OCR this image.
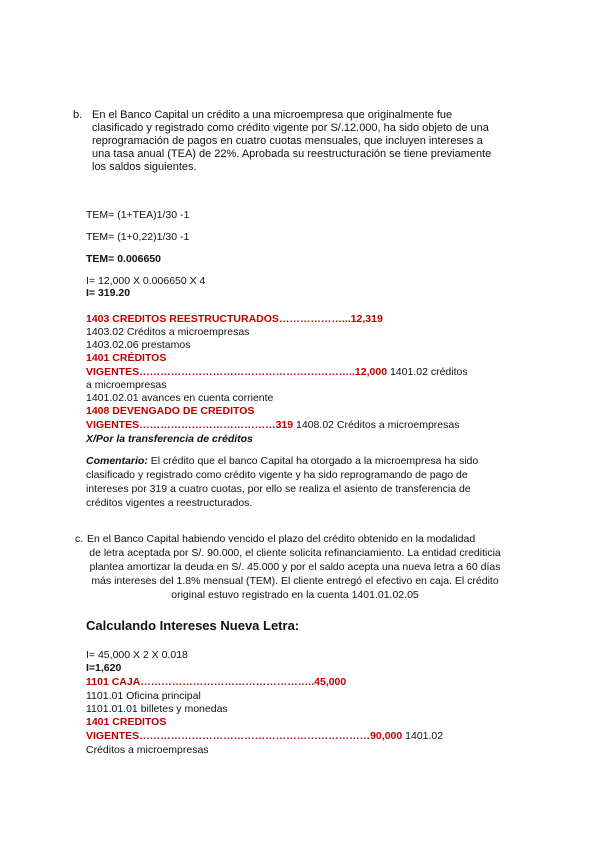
b. En el Banco Capital un crédito a una microempresa que originalmente fue
clasificado y registrado como crédito vigente por S/.12.000, ha sido objeto de una
reprogramación de pagos en cuatro cuotas mensuales, que incluyen intereses a
una tasa anual (TEA) de 22%. Aprobada su reestructuración se tiene previamente
los saldos siguientes.
TEM= (1+TEA)1/30 -1
TEM= (1+0,22)1/30 -1
TEM= 0.006650
I= 12,000 X 0.006650 X 4
I= 319.20
1403 CREDITOS REESTRUCTURADOS………………...12,319
1403.02 Créditos a microempresas
1403.02.06 prestamos
1401 CRÉDITOS
VIGENTES……………………………………………………..12,000 1401.02 créditos
a microempresas
1401.02.01 avances en cuenta corriente
1408 DEVENGADO DE CREDITOS
VIGENTES…………………………………319 1408.02 Créditos a microempresas
X/Por la transferencia de créditos
Comentario: El crédito que el banco Capital ha otorgado a la microempresa ha sido
clasificado y registrado como crédito vigente y ha sido reprogramando de pago de
intereses por 319 a cuatro cuotas, por ello se realiza el asiento de transferencia de
créditos vigentes a reestructurados.
c. En el Banco Capital habiendo vencido el plazo del crédito obtenido en la modalidad
de letra aceptada por S/. 90.000, el cliente solicita refinanciamiento. La entidad crediticia
plantea amortizar la deuda en S/. 45.000 y por el saldo acepta una nueva letra a 60 días
más intereses del 1.8% mensual (TEM). El cliente entregó el efectivo en caja. El crédito
original estuvo registrado en la cuenta 1401.01.02.05
Calculando Intereses Nueva Letra:
I= 45,000 X 2 X 0.018
I=1,620
1101 CAJA…………………………………………..45,000
1101.01 Oficina principal
1101.01.01 billetes y monedas
1401 CREDITOS
VIGENTES…………………………………………………………90,000 1401.02
Créditos a microempresas
